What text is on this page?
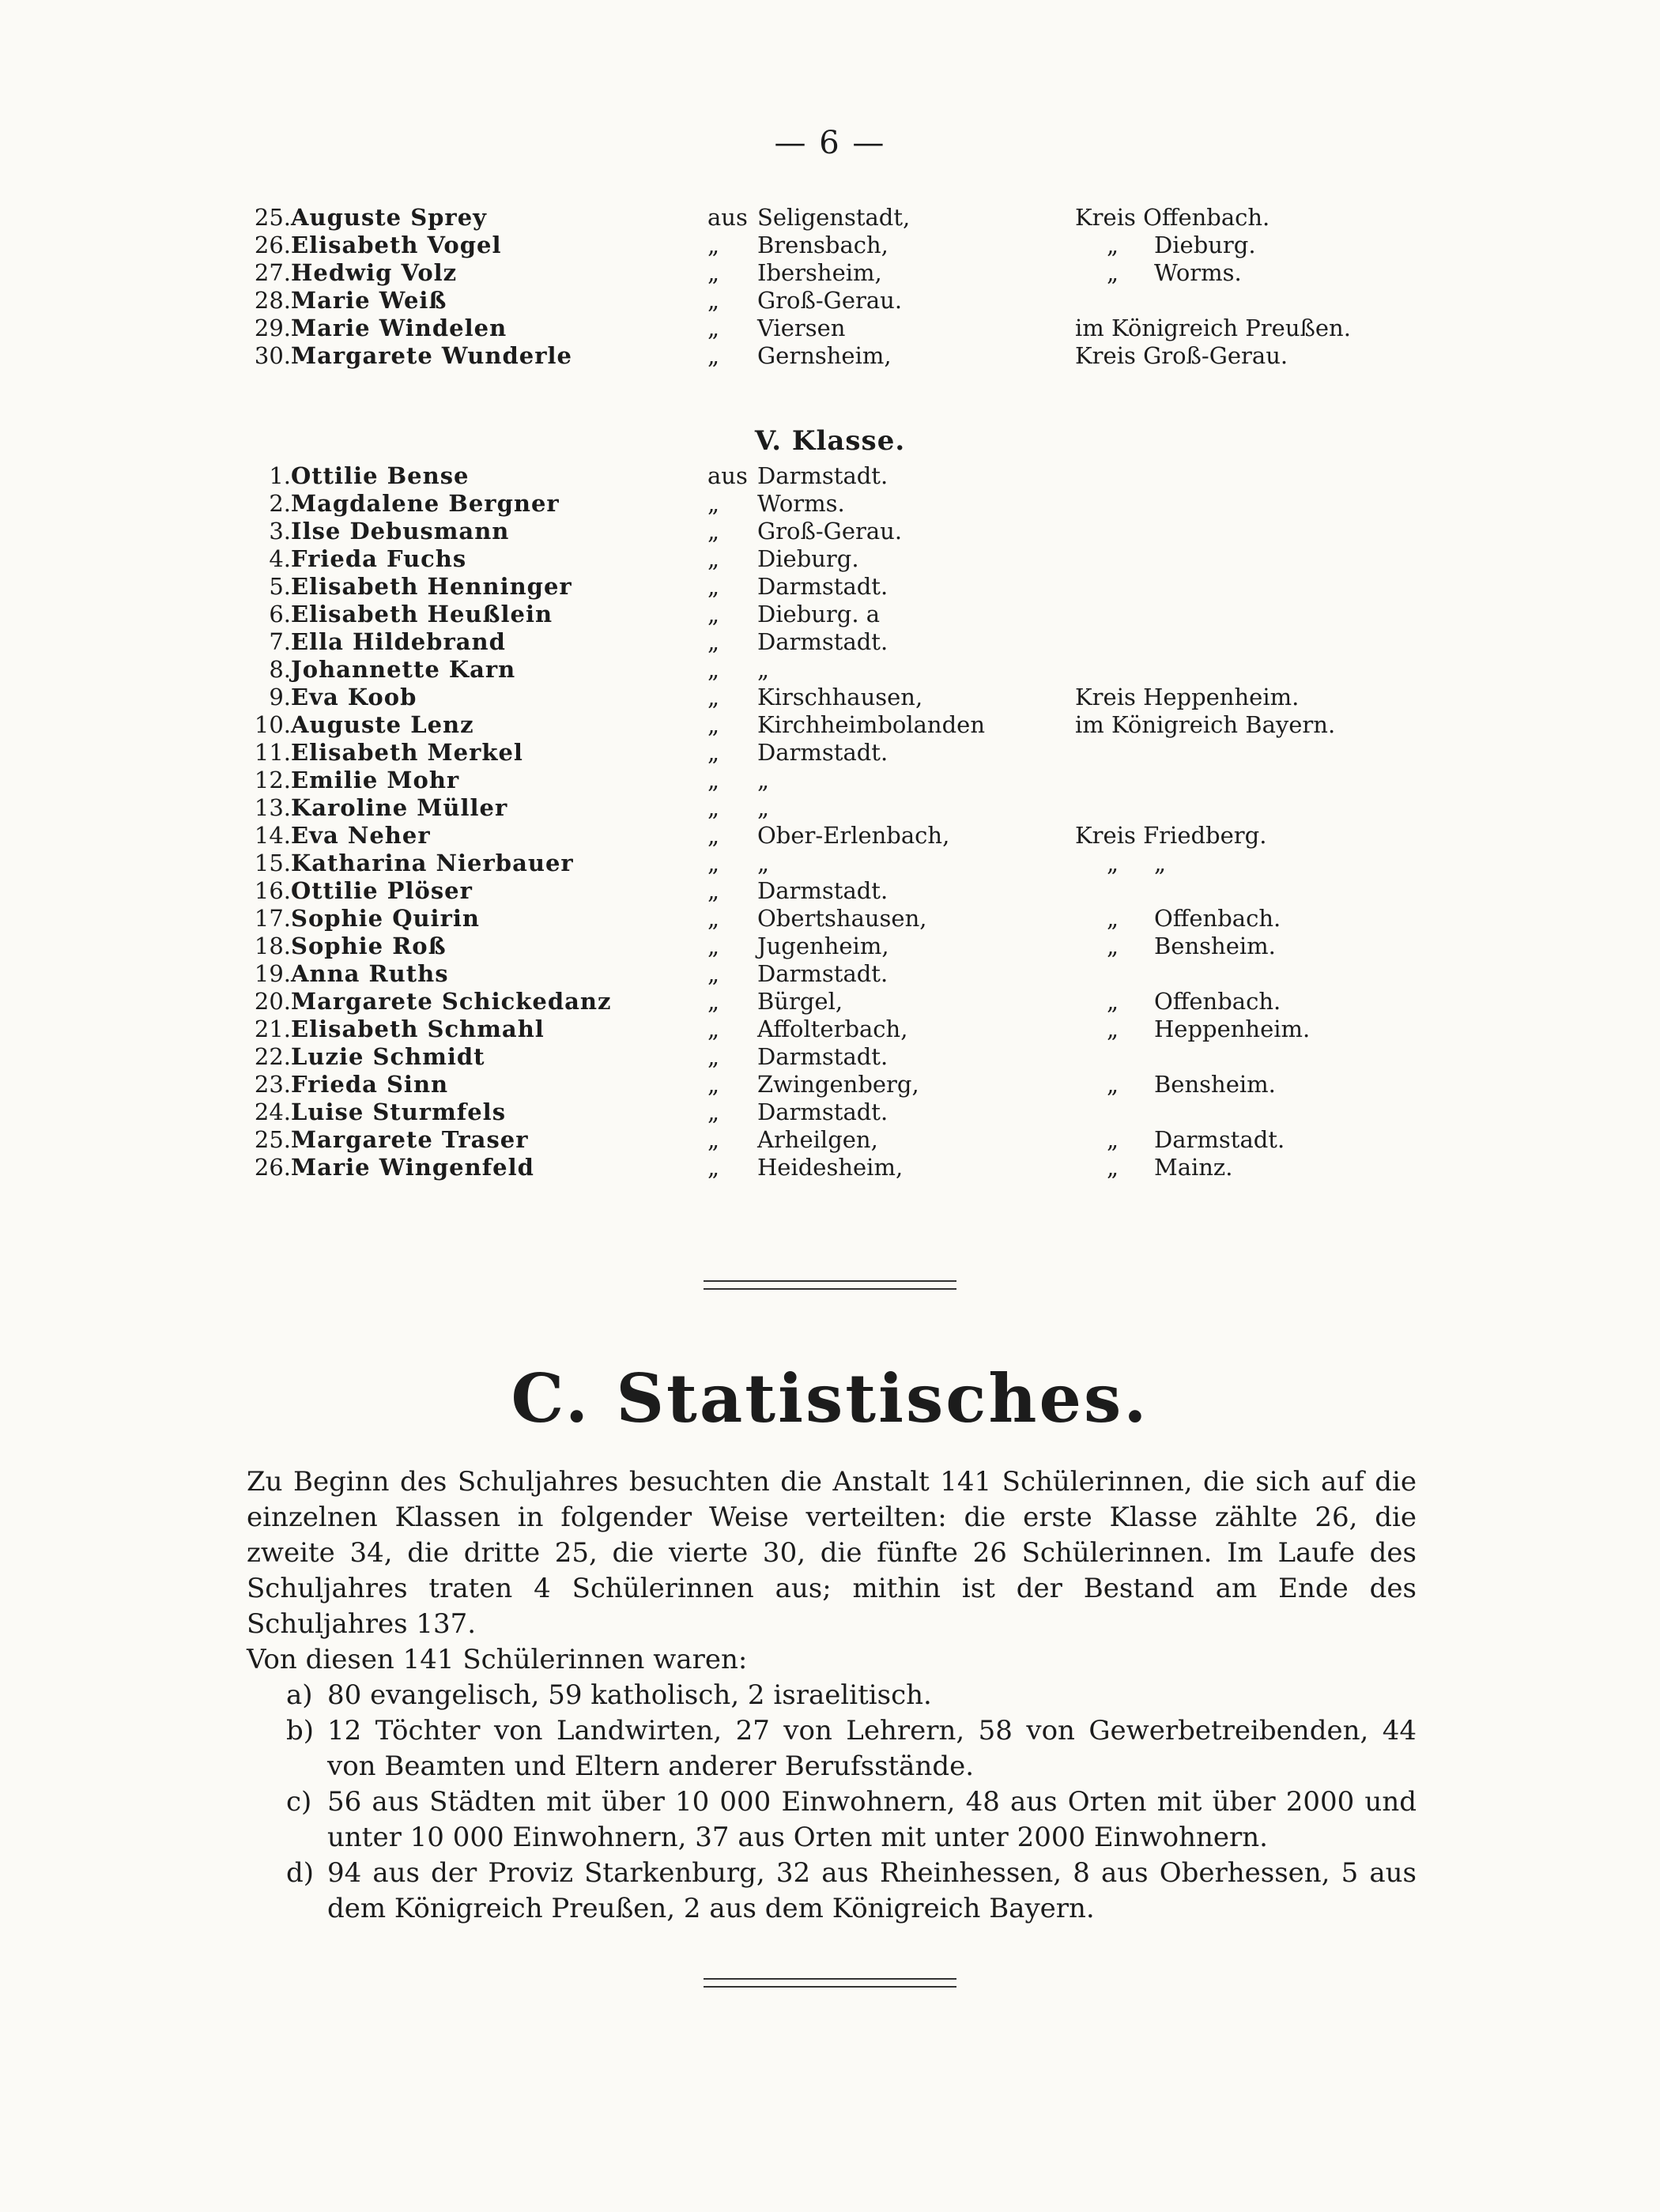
— 6 —
25. Auguste Sprey	aus Seligenstadt,	Kreis Offenbach.
26. Elisabeth Vogel	„	Brensbach,	„ Dieburg.
27. Hedwig Volz	„	Ibersheim,	„ Worms.
28. Marie Weiß	„	Groß-Gerau.
29. Marie Windelen	„	Viersen	im Königreich Preußen.
30. Margarete Wunderle	„	Gernsheim,	Kreis Groß-Gerau.
V. Klasse.
1. Ottilie Bense	aus Darmstadt.
2. Magdalene Bergner	„	Worms.
3. Ilse Debusmann	„	Groß-Gerau.
4. Frieda Fuchs	„	Dieburg.
5. Elisabeth Henninger	„	Darmstadt.
6. Elisabeth Heußlein	„	Dieburg. a
7. Ella Hildebrand	„	Darmstadt.
8. Johannette Karn	„	„
9. Eva Koob	„	Kirschhausen,	Kreis Heppenheim.
10. Auguste Lenz	„	Kirchheimbolanden	im Königreich Bayern.
11. Elisabeth Merkel	„	Darmstadt.
12. Emilie Mohr	„	„
13. Karoline Müller	„	„
14. Eva Neher	„	Ober-Erlenbach,	Kreis Friedberg.
15. Katharina Nierbauer	„	„	„ „
16. Ottilie Plöser	„	Darmstadt.
17. Sophie Quirin	„	Obertshausen,	„ Offenbach.
18. Sophie Roß	„	Jugenheim,	„ Bensheim.
19. Anna Ruths	„	Darmstadt.
20. Margarete Schickedanz	„	Bürgel,	„ Offenbach.
21. Elisabeth Schmahl	„	Affolterbach,	„ Heppenheim.
22. Luzie Schmidt	„	Darmstadt.
23. Frieda Sinn	„	Zwingenberg,	„ Bensheim.
24. Luise Sturmfels	„	Darmstadt.
25. Margarete Traser	„	Arheilgen,	„ Darmstadt.
26. Marie Wingenfeld	„	Heidesheim,	„ Mainz.
C. Statistisches.

Zu Beginn des Schuljahres besuchten die Anstalt 141 Schülerinnen, die sich auf die einzelnen Klassen in folgender Weise verteilten: die erste Klasse zählte 26, die zweite 34, die dritte 25, die vierte 30, die fünfte 26 Schülerinnen. Im Laufe des Schuljahres traten 4 Schülerinnen aus; mithin ist der Bestand am Ende des Schuljahres 137.

Von diesen 141 Schülerinnen waren:

a) 80 evangelisch, 59 katholisch, 2 israelitisch.
b) 12 Töchter von Landwirten, 27 von Lehrern, 58 von Gewerbetreibenden, 44 von Beamten und Eltern anderer Berufsstände.
c) 56 aus Städten mit über 10 000 Einwohnern, 48 aus Orten mit über 2000 und unter 10 000 Einwohnern, 37 aus Orten mit unter 2000 Einwohnern.
d) 94 aus der Proviz Starkenburg, 32 aus Rheinhessen, 8 aus Oberhessen, 5 aus dem Königreich Preußen, 2 aus dem Königreich Bayern.
